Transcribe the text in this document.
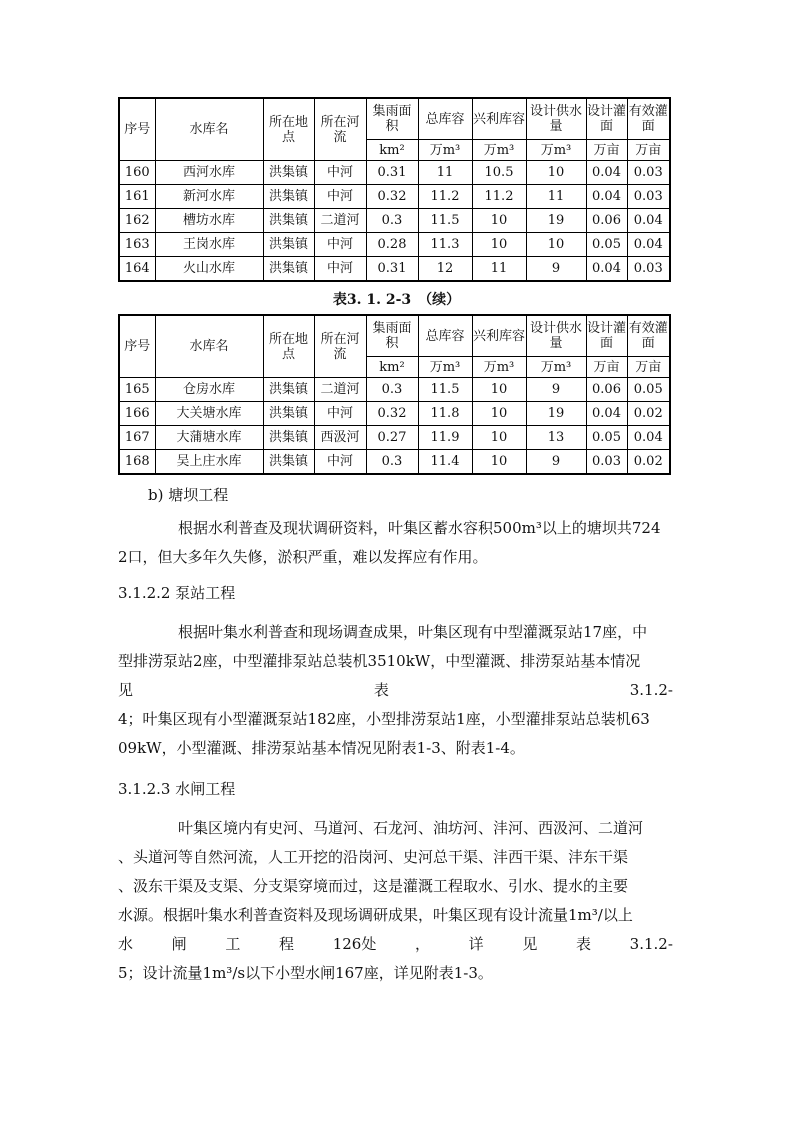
序号	水库名	所在地点	所在河流	集雨面积	总库容	兴利库容	设计供水量	设计灌面	有效灌面
				km²	万m³	万m³	万m³	万亩	万亩
160	西河水库	洪集镇	中河	0.31	11	10.5	10	0.04	0.03
161	新河水库	洪集镇	中河	0.32	11.2	11.2	11	0.04	0.03
162	槽坊水库	洪集镇	二道河	0.3	11.5	10	19	0.06	0.04
163	王岗水库	洪集镇	中河	0.28	11.3	10	10	0.05	0.04
164	火山水库	洪集镇	中河	0.31	12	11	9	0.04	0.03
表3. 1. 2-3　（续）
序号	水库名	所在地点	所在河流	集雨面积	总库容	兴利库容	设计供水量	设计灌面	有效灌面
				km²	万m³	万m³	万m³	万亩	万亩
165	仓房水库	洪集镇	二道河	0.3	11.5	10	9	0.06	0.05
166	大关塘水库	洪集镇	中河	0.32	11.8	10	19	0.04	0.02
167	大蒲塘水库	洪集镇	西汲河	0.27	11.9	10	13	0.05	0.04
168	吴上庄水库	洪集镇	中河	0.3	11.4	10	9	0.03	0.02

b) 塘坝工程

根据水利普查及现状调研资料，叶集区蓄水容积500m³以上的塘坝共724
2口，但大多年久失修，淤积严重，难以发挥应有作用。

3.1.2.2 泵站工程

根据叶集水利普查和现场调查成果，叶集区现有中型灌溉泵站17座，中
型排涝泵站2座，中型灌排泵站总装机3510kW，中型灌溉、排涝泵站基本情况
见	表	3.1.2-
4；叶集区现有小型灌溉泵站182座，小型排涝泵站1座，小型灌排泵站总装机63
09kW，小型灌溉、排涝泵站基本情况见附表1-3、附表1-4。

3.1.2.3 水闸工程

叶集区境内有史河、马道河、石龙河、油坊河、沣河、西汲河、二道河
、头道河等自然河流，人工开挖的沿岗河、史河总干渠、沣西干渠、沣东干渠
、汲东干渠及支渠、分支渠穿境而过，这是灌溉工程取水、引水、提水的主要
水源。根据叶集水利普查资料及现场调研成果，叶集区现有设计流量1m³/以上
水	闸	工	程	126处	，	详	见	表	3.1.2-
5；设计流量1m³/s以下小型水闸167座，详见附表1-3。
